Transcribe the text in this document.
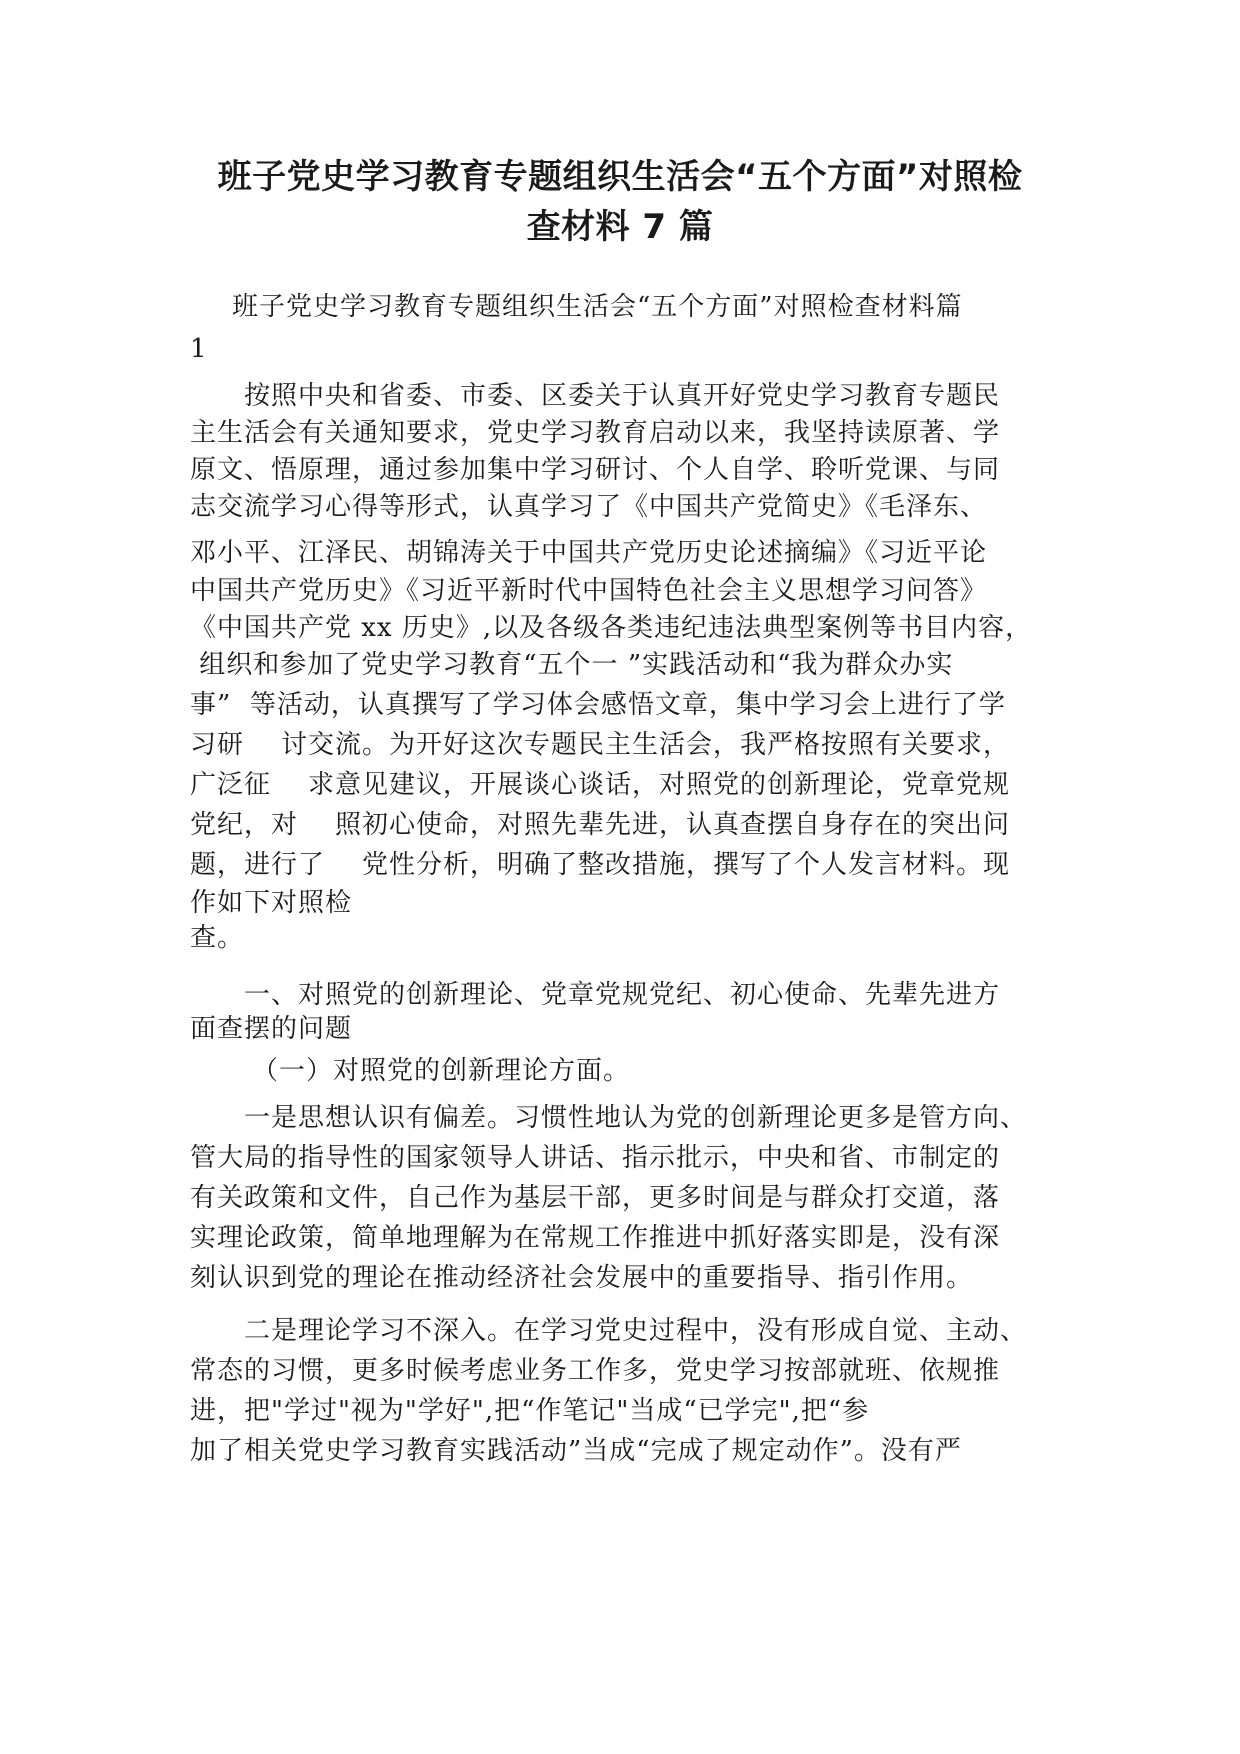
班子党史学习教育专题组织生活会“五个方面”对照检
查材料 7 篇
班子党史学习教育专题组织生活会“五个方面”对照检查材料篇
1
按照中央和省委、市委、区委关于认真开好党史学习教育专题民
主生活会有关通知要求，党史学习教育启动以来，我坚持读原著、学
原文、悟原理，通过参加集中学习研讨、个人自学、聆听党课、与同
志交流学习心得等形式，认真学习了《中国共产党简史》《毛泽东、
邓小平、江泽民、胡锦涛关于中国共产党历史论述摘编》《习近平论
中国共产党历史》《习近平新时代中国特色社会主义思想学习问答》
《中国共产党 xx 历史》,以及各级各类违纪违法典型案例等书目内容，
组织和参加了党史学习教育“五个一 ”实践活动和“我为群众办实
事”  等活动，认真撰写了学习体会感悟文章，集中学习会上进行了学
习研    讨交流。为开好这次专题民主生活会，我严格按照有关要求，
广泛征    求意见建议，开展谈心谈话，对照党的创新理论，党章党规
党纪，对    照初心使命，对照先辈先进，认真查摆自身存在的突出问
题，进行了    党性分析，明确了整改措施，撰写了个人发言材料。现
作如下对照检
查。
一、对照党的创新理论、党章党规党纪、初心使命、先辈先进方
面查摆的问题
（一）对照党的创新理论方面。
一是思想认识有偏差。习惯性地认为党的创新理论更多是管方向、
管大局的指导性的国家领导人讲话、指示批示，中央和省、市制定的
有关政策和文件，自己作为基层干部，更多时间是与群众打交道，落
实理论政策，简单地理解为在常规工作推进中抓好落实即是，没有深
刻认识到党的理论在推动经济社会发展中的重要指导、指引作用。
二是理论学习不深入。在学习党史过程中，没有形成自觉、主动、
常态的习惯，更多时候考虑业务工作多，党史学习按部就班、依规推
进，把"学过"视为"学好",把“作笔记"当成“已学完",把“参
加了相关党史学习教育实践活动”当成“完成了规定动作”。没有严
